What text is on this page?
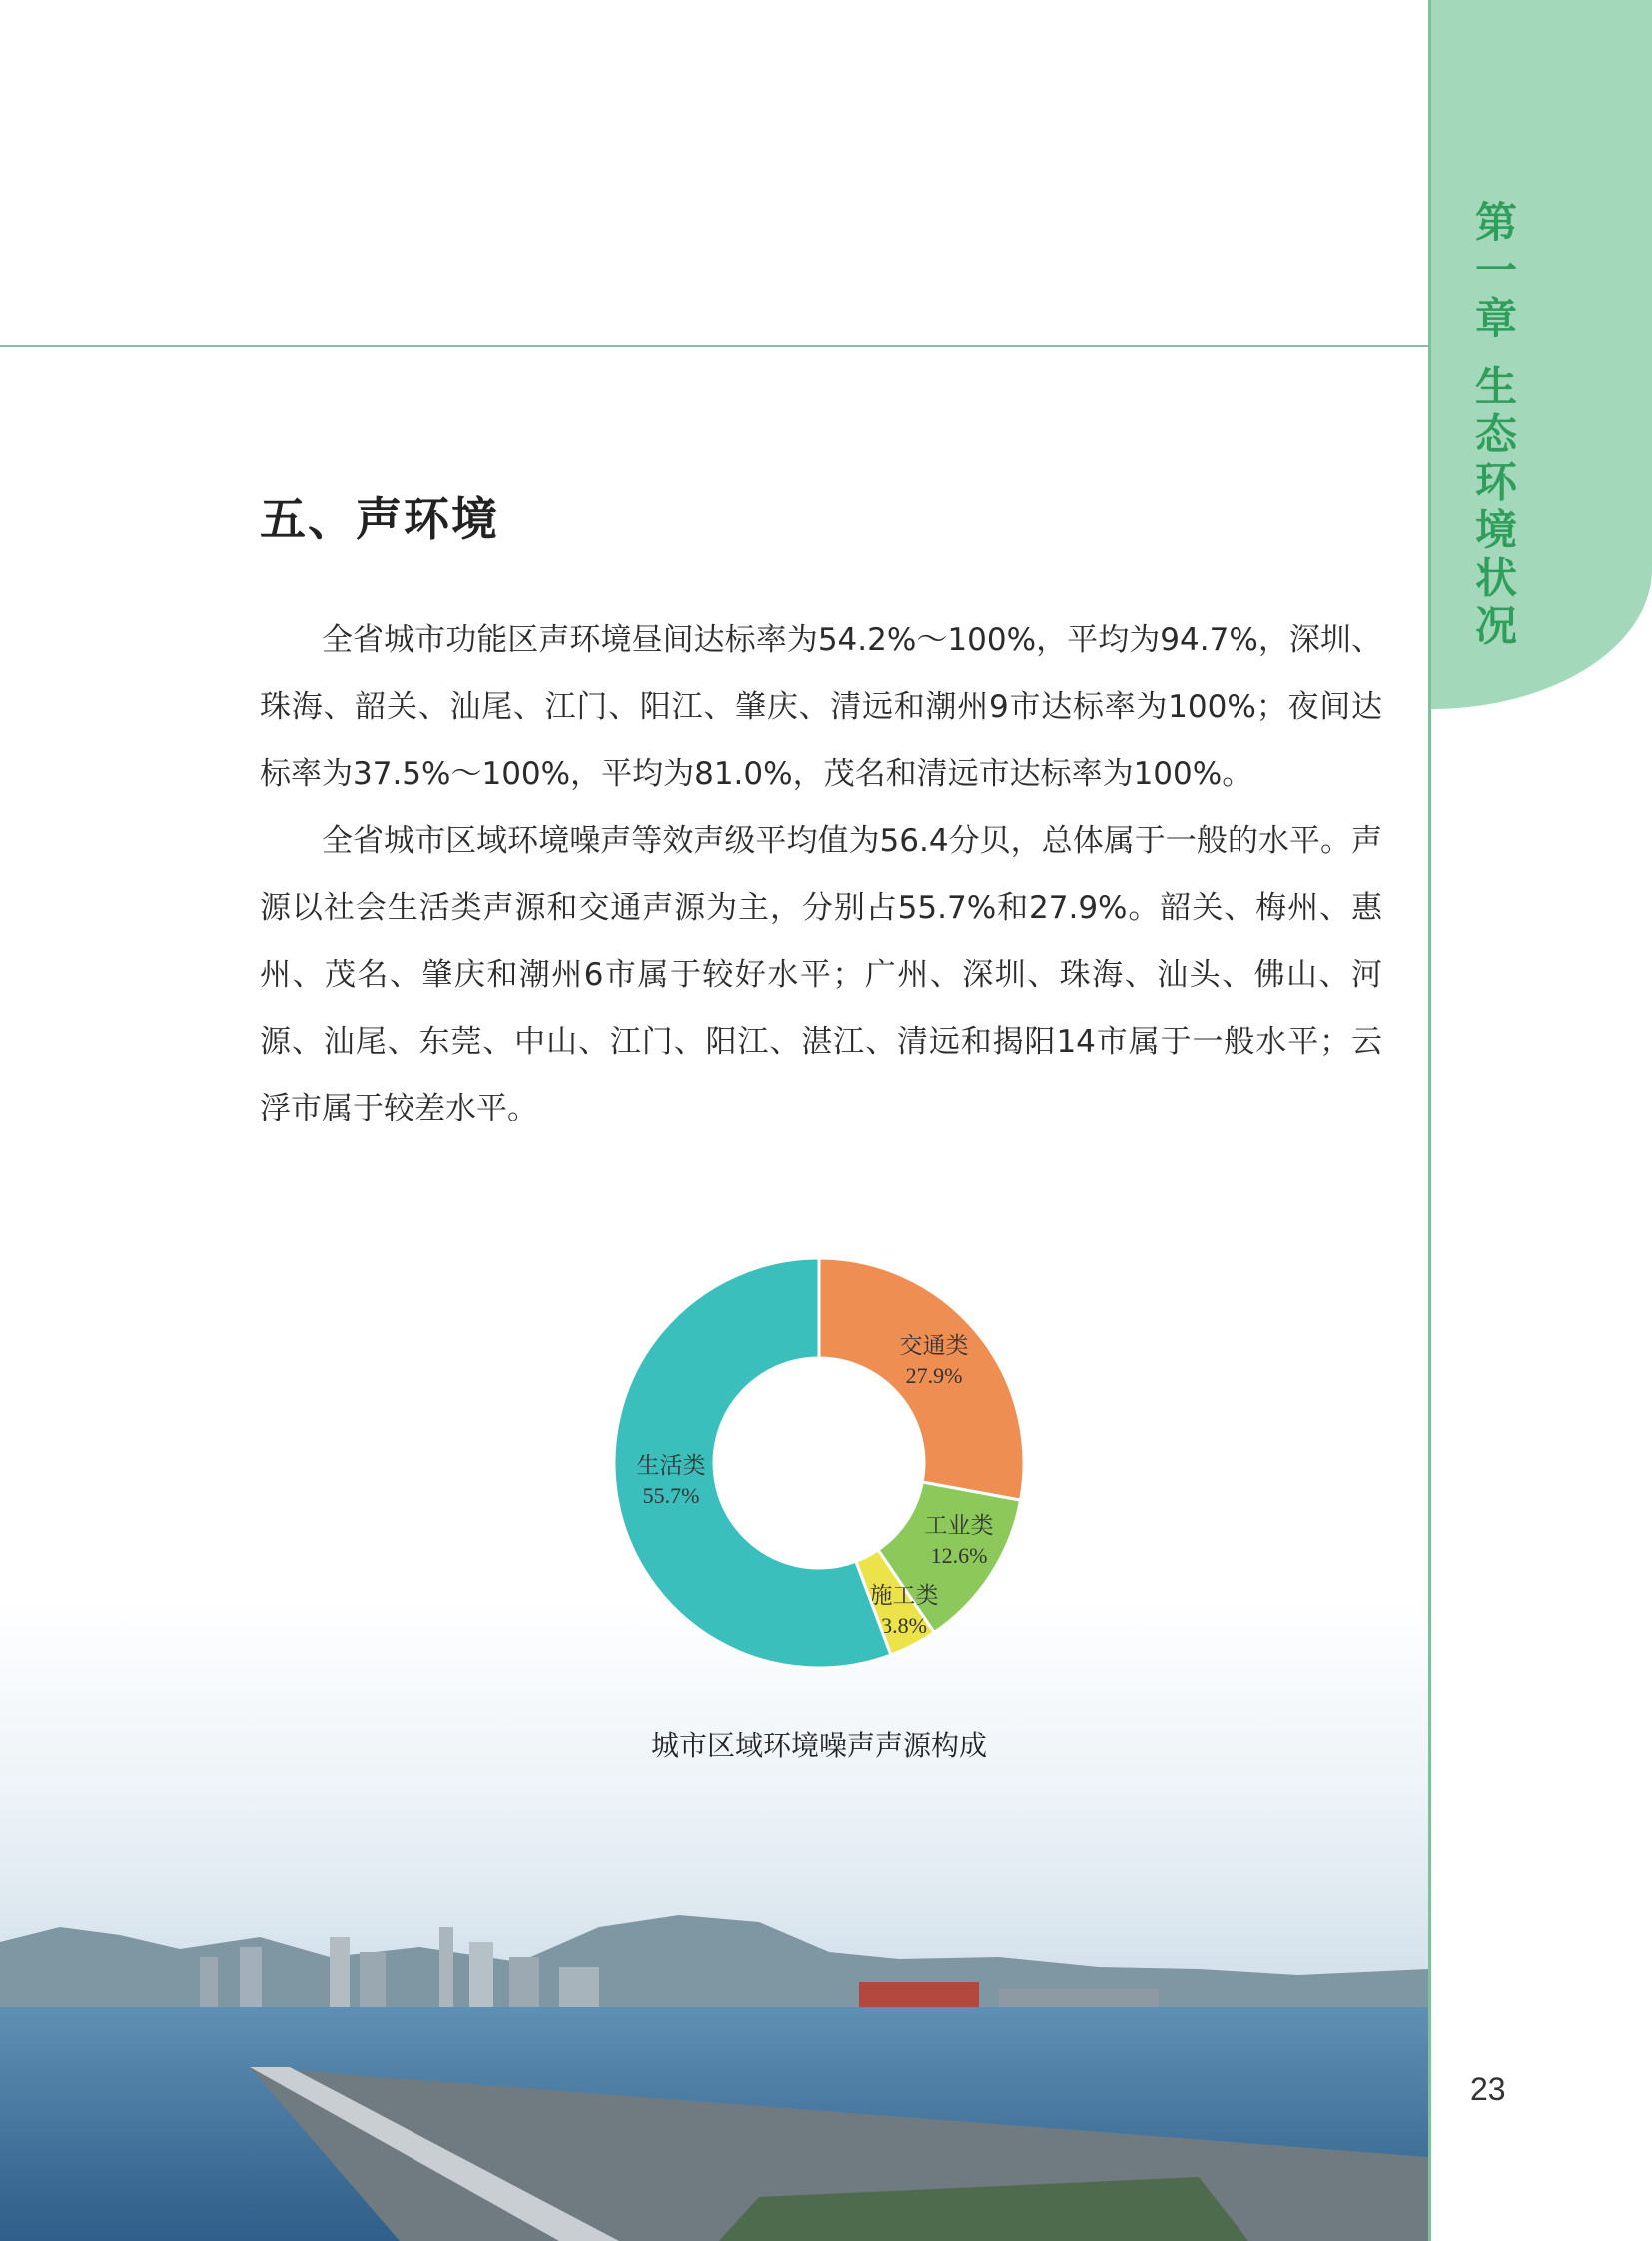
第一章 生态环境状况
23
五、声环境

全省城市功能区声环境昼间达标率为54.2%～100%，平均为94.7%，深圳、珠海、韶关、汕尾、江门、阳江、肇庆、清远和潮州9市达标率为100%；夜间达标率为37.5%～100%，平均为81.0%，茂名和清远市达标率为100%。

全省城市区域环境噪声等效声级平均值为56.4分贝，总体属于一般的水平。声源以社会生活类声源和交通声源为主，分别占55.7%和27.9%。韶关、梅州、惠州、茂名、肇庆和潮州6市属于较好水平；广州、深圳、珠海、汕头、佛山、河源、汕尾、东莞、中山、江门、阳江、湛江、清远和揭阳14市属于一般水平；云浮市属于较差水平。

交通类
27.9%
工业类
12.6%
施工类
3.8%
生活类
55.7%
城市区域环境噪声声源构成
